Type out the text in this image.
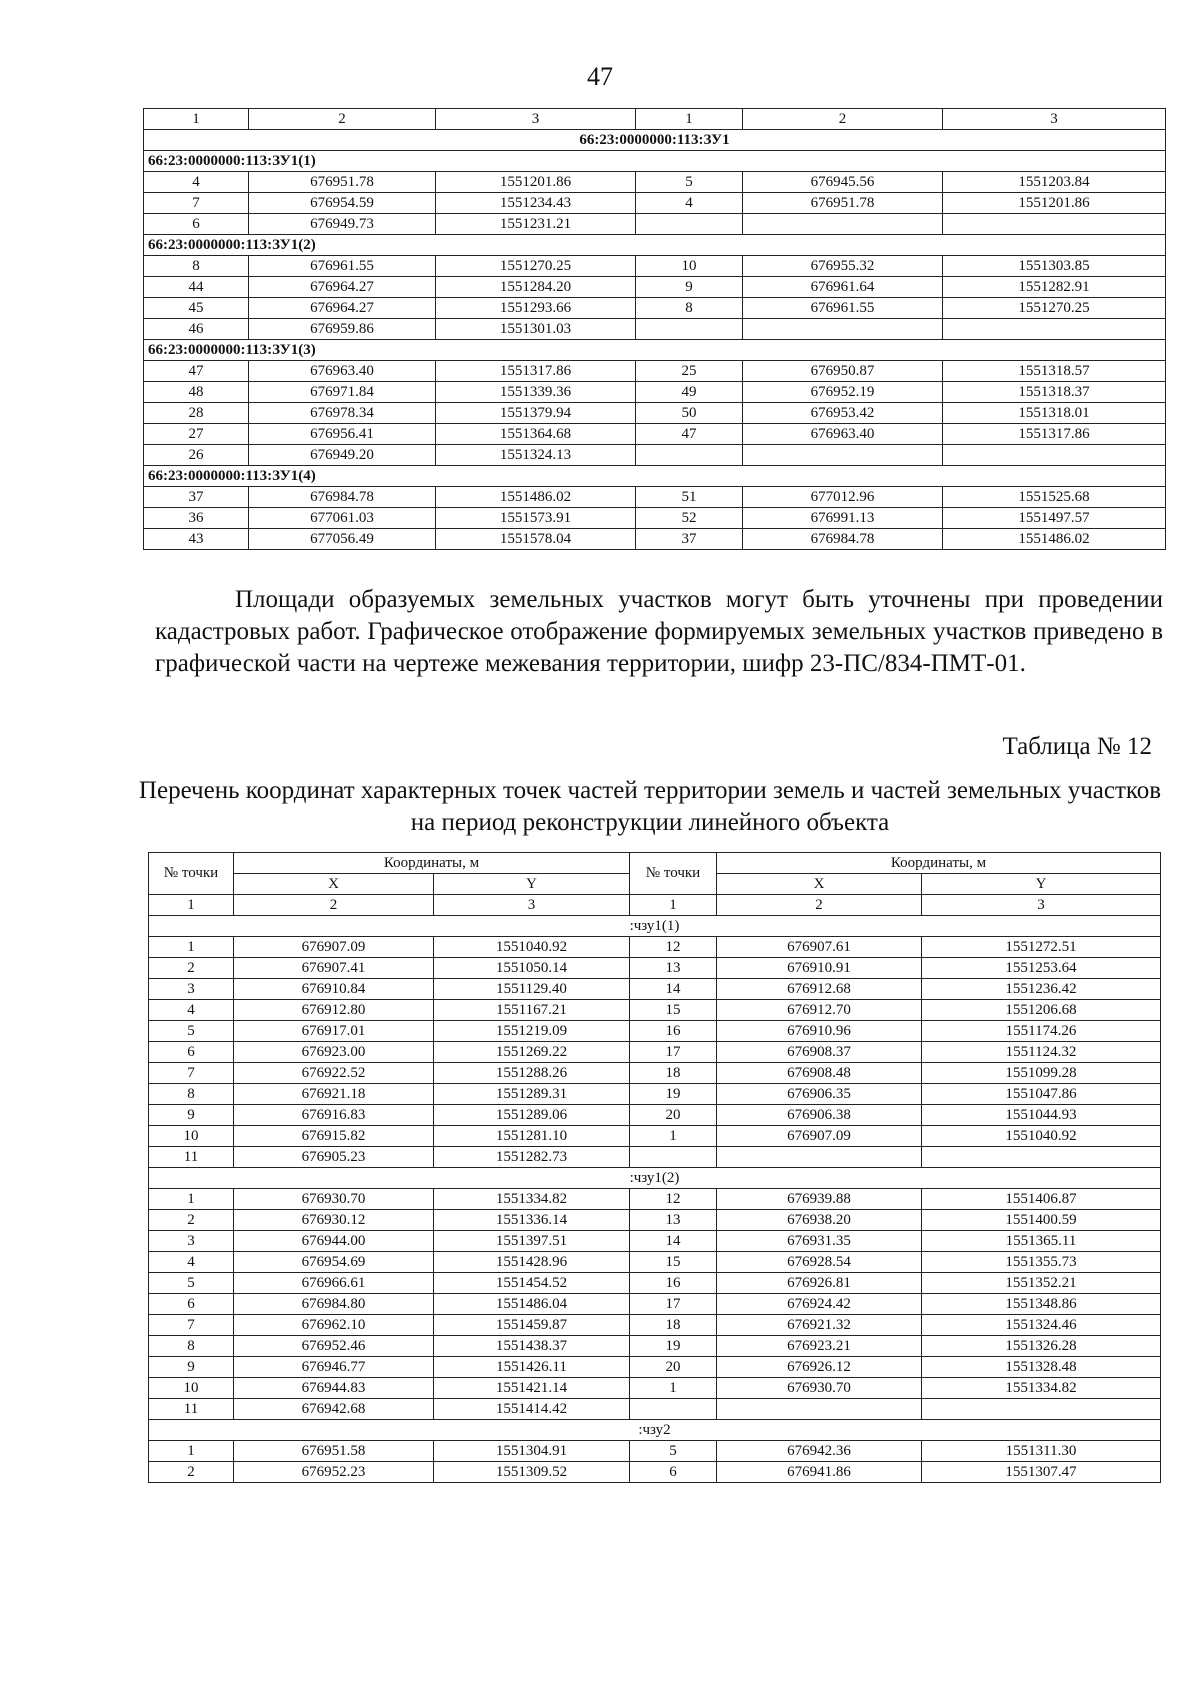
47
1	2	3	1	2	3
66:23:0000000:113:ЗУ1					
66:23:0000000:113:ЗУ1(1)					
4	676951.78	1551201.86	5	676945.56	1551203.84
7	676954.59	1551234.43	4	676951.78	1551201.86
6	676949.73	1551231.21			
66:23:0000000:113:ЗУ1(2)					
8	676961.55	1551270.25	10	676955.32	1551303.85
44	676964.27	1551284.20	9	676961.64	1551282.91
45	676964.27	1551293.66	8	676961.55	1551270.25
46	676959.86	1551301.03			
66:23:0000000:113:ЗУ1(3)					
47	676963.40	1551317.86	25	676950.87	1551318.57
48	676971.84	1551339.36	49	676952.19	1551318.37
28	676978.34	1551379.94	50	676953.42	1551318.01
27	676956.41	1551364.68	47	676963.40	1551317.86
26	676949.20	1551324.13			
66:23:0000000:113:ЗУ1(4)					
37	676984.78	1551486.02	51	677012.96	1551525.68
36	677061.03	1551573.91	52	676991.13	1551497.57
43	677056.49	1551578.04	37	676984.78	1551486.02
Площади образуемых земельных участков могут быть уточнены при проведении кадастровых работ. Графическое отображение формируемых земельных участков приведено в графической части на чертеже межевания территории, шифр 23-ПС/834-ПМТ-01.
Таблица № 12
Перечень координат характерных точек частей территории земель и частей земельных участков на период реконструкции линейного объекта
№ точки	Координаты, м		№ точки	Координаты, м	
	X	Y		X	Y
1	2	3	1	2	3
:чзу1(1)					
1	676907.09	1551040.92	12	676907.61	1551272.51
2	676907.41	1551050.14	13	676910.91	1551253.64
3	676910.84	1551129.40	14	676912.68	1551236.42
4	676912.80	1551167.21	15	676912.70	1551206.68
5	676917.01	1551219.09	16	676910.96	1551174.26
6	676923.00	1551269.22	17	676908.37	1551124.32
7	676922.52	1551288.26	18	676908.48	1551099.28
8	676921.18	1551289.31	19	676906.35	1551047.86
9	676916.83	1551289.06	20	676906.38	1551044.93
10	676915.82	1551281.10	1	676907.09	1551040.92
11	676905.23	1551282.73			
:чзу1(2)					
1	676930.70	1551334.82	12	676939.88	1551406.87
2	676930.12	1551336.14	13	676938.20	1551400.59
3	676944.00	1551397.51	14	676931.35	1551365.11
4	676954.69	1551428.96	15	676928.54	1551355.73
5	676966.61	1551454.52	16	676926.81	1551352.21
6	676984.80	1551486.04	17	676924.42	1551348.86
7	676962.10	1551459.87	18	676921.32	1551324.46
8	676952.46	1551438.37	19	676923.21	1551326.28
9	676946.77	1551426.11	20	676926.12	1551328.48
10	676944.83	1551421.14	1	676930.70	1551334.82
11	676942.68	1551414.42			
:чзу2					
1	676951.58	1551304.91	5	676942.36	1551311.30
2	676952.23	1551309.52	6	676941.86	1551307.47
